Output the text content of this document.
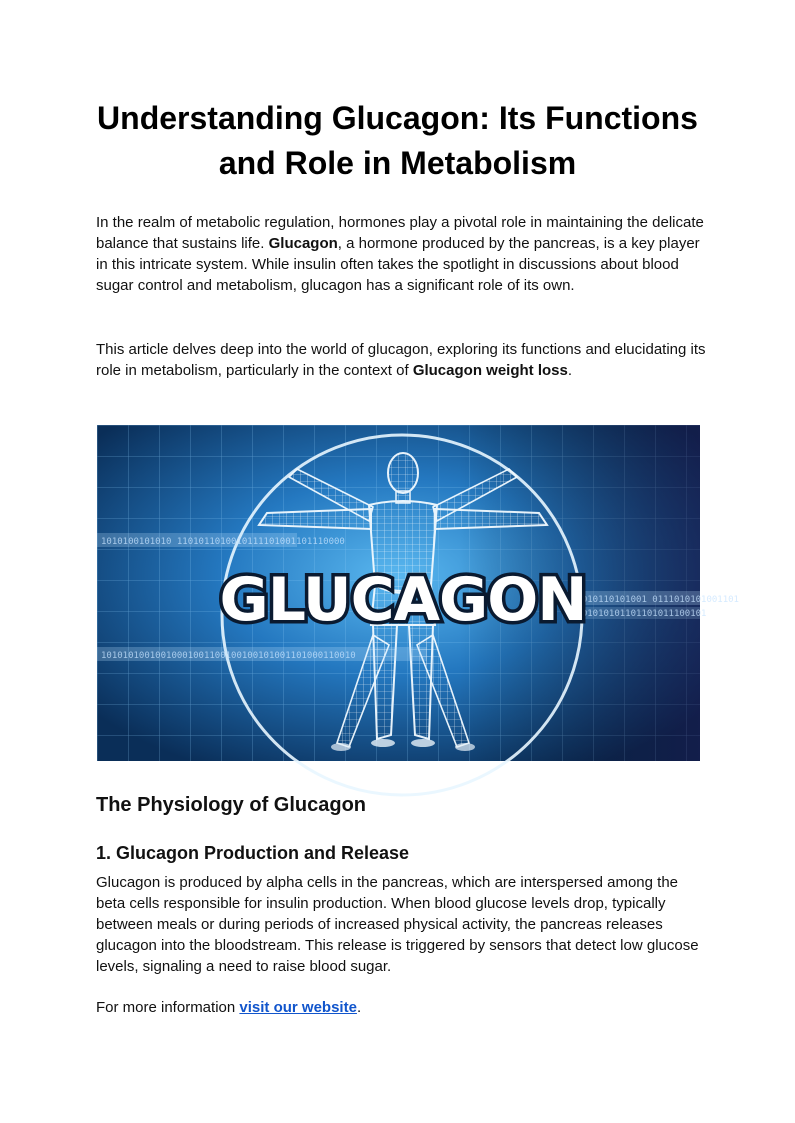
Understanding Glucagon: Its Functions and Role in Metabolism

In the realm of metabolic regulation, hormones play a pivotal role in maintaining the delicate balance that sustains life. Glucagon, a hormone produced by the pancreas, is a key player in this intricate system. While insulin often takes the spotlight in discussions about blood sugar control and metabolism, glucagon has a significant role of its own.

This article delves deep into the world of glucagon, exploring its functions and elucidating its role in metabolism, particularly in the context of Glucagon weight loss.

1010100101010 1101011010010111101001101110000
01010110101001 0111010101001101
10101010010010001001100100100101001101000110010
0001010101101101011100101
GLUCAGON
The Physiology of Glucagon
1. Glucagon Production and Release

Glucagon is produced by alpha cells in the pancreas, which are interspersed among the beta cells responsible for insulin production. When blood glucose levels drop, typically between meals or during periods of increased physical activity, the pancreas releases glucagon into the bloodstream. This release is triggered by sensors that detect low glucose levels, signaling a need to raise blood sugar.

For more information visit our website.
